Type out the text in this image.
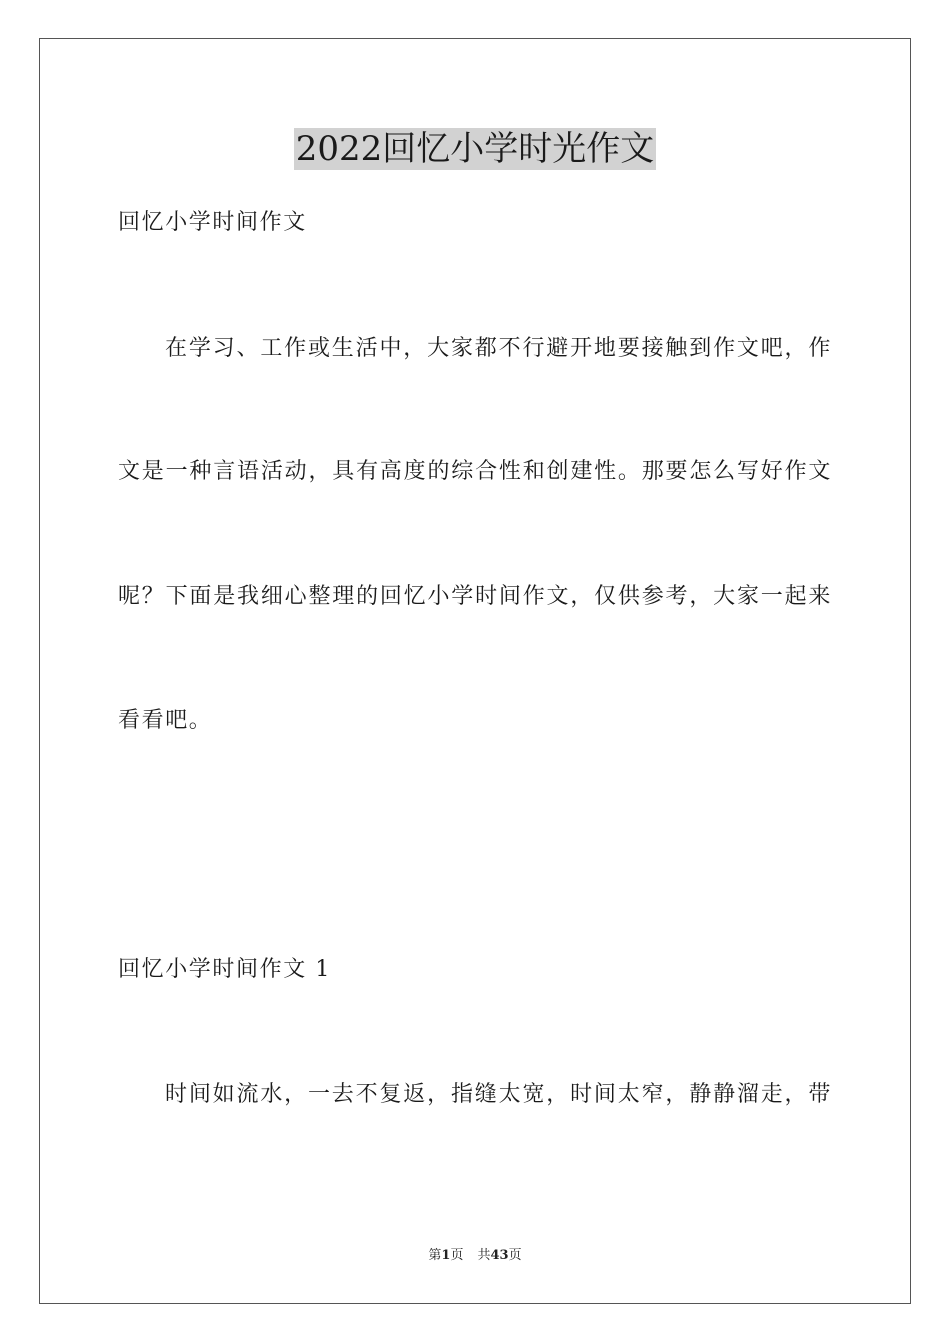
2022回忆小学时光作文
回忆小学时间作文
在学习、工作或生活中，大家都不行避开地要接触到作文吧，作
文是一种言语活动，具有高度的综合性和创建性。那要怎么写好作文
呢？下面是我细心整理的回忆小学时间作文，仅供参考，大家一起来
看看吧。
回忆小学时间作文 1
时间如流水，一去不复返，指缝太宽，时间太窄，静静溜走，带
第1页 共43页
